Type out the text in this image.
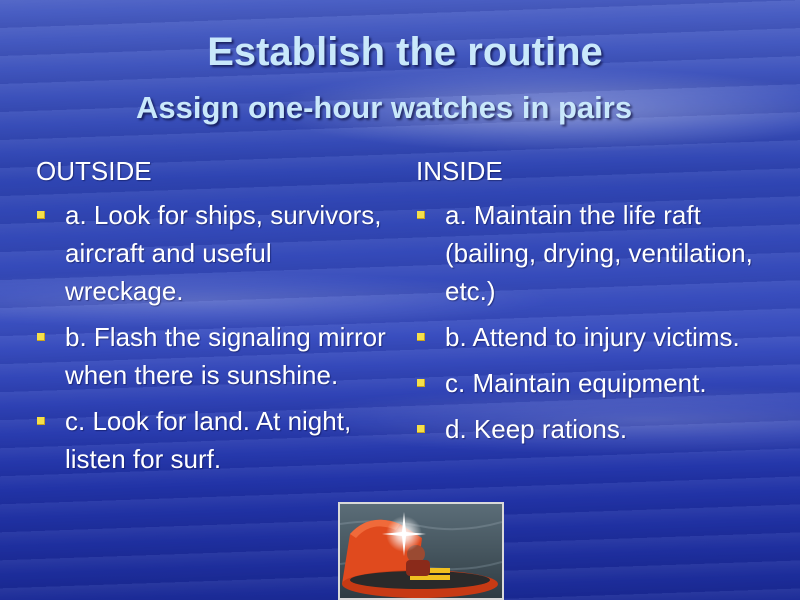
Establish the routine
Assign one-hour watches in pairs
OUTSIDE
a. Look for ships, survivors, aircraft and useful wreckage.
b. Flash the signaling mirror when there is sunshine.
c. Look for land. At night, listen for surf.
INSIDE
a. Maintain the life raft (bailing, drying, ventilation, etc.)
b. Attend to injury victims.
c. Maintain equipment.
d. Keep rations.
